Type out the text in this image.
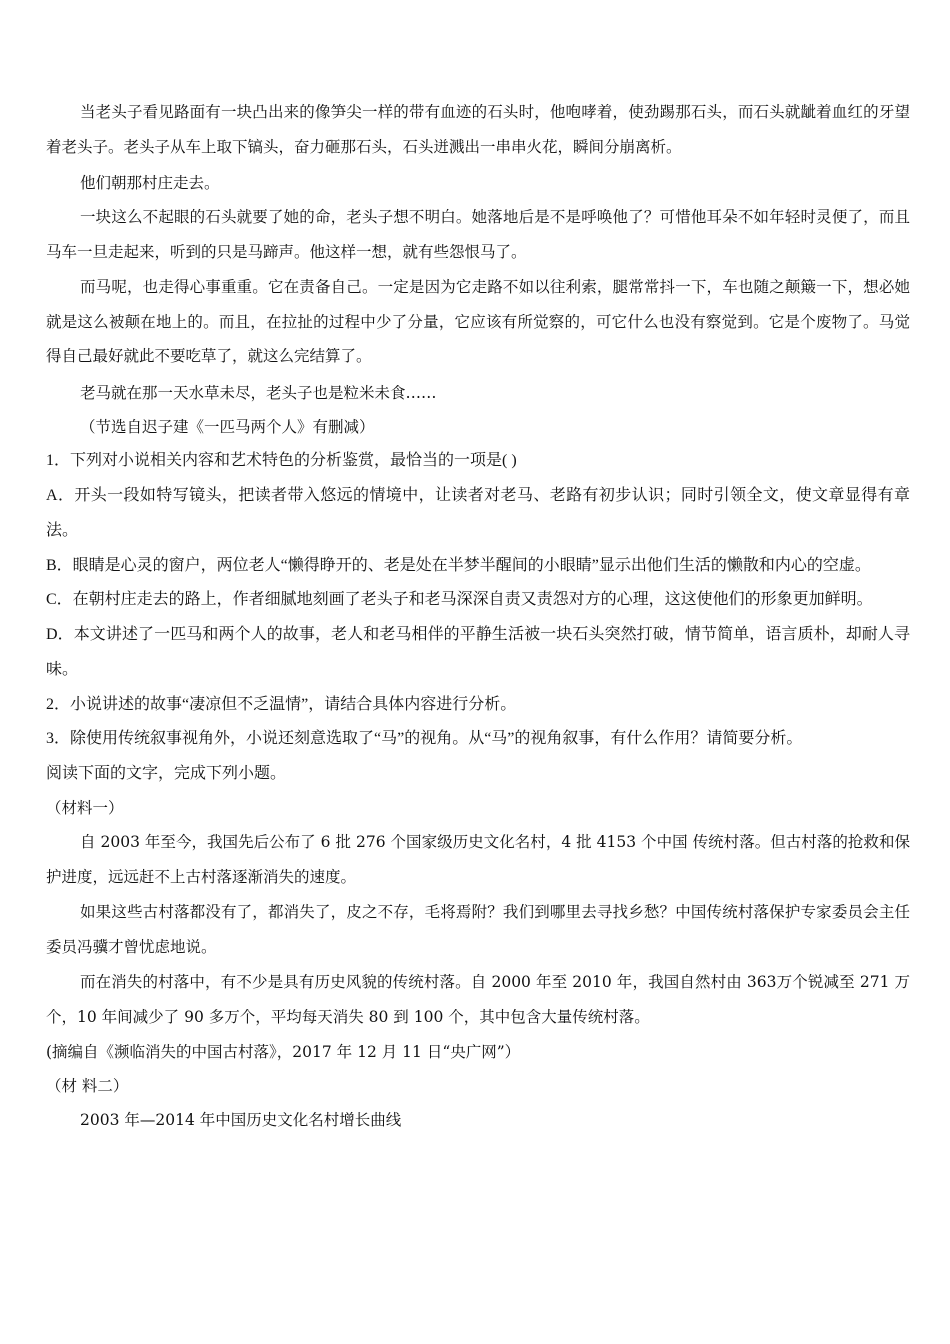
当老头子看见路面有一块凸出来的像笋尖一样的带有血迹的石头时，他咆哮着，使劲踢那石头，而石头就龇着血红的牙望着老头子。老头子从车上取下镐头，奋力砸那石头，石头迸溅出一串串火花，瞬间分崩离析。

他们朝那村庄走去。

一块这么不起眼的石头就要了她的命，老头子想不明白。她落地后是不是呼唤他了？可惜他耳朵不如年轻时灵便了，而且马车一旦走起来，听到的只是马蹄声。他这样一想，就有些怨恨马了。

而马呢，也走得心事重重。它在责备自己。一定是因为它走路不如以往利索，腿常常抖一下，车也随之颠簸一下，想必她就是这么被颠在地上的。而且，在拉扯的过程中少了分量，它应该有所觉察的，可它什么也没有察觉到。它是个废物了。马觉得自己最好就此不要吃草了，就这么完结算了。

老马就在那一天水草未尽，老头子也是粒米未食……

（节选自迟子建《一匹马两个人》有删减）

1．下列对小说相关内容和艺术特色的分析鉴赏，最恰当的一项是( )

A．开头一段如特写镜头，把读者带入悠远的情境中，让读者对老马、老路有初步认识；同时引领全文，使文章显得有章法。

B．眼睛是心灵的窗户，两位老人“懒得睁开的、老是处在半梦半醒间的小眼睛”显示出他们生活的懒散和内心的空虚。

C．在朝村庄走去的路上，作者细腻地刻画了老头子和老马深深自责又责怨对方的心理，这这使他们的形象更加鲜明。

D．本文讲述了一匹马和两个人的故事，老人和老马相伴的平静生活被一块石头突然打破，情节简单，语言质朴，却耐人寻味。

2．小说讲述的故事“凄凉但不乏温情”，请结合具体内容进行分析。

3．除使用传统叙事视角外，小说还刻意选取了“马”的视角。从“马”的视角叙事，有什么作用？请简要分析。

阅读下面的文字，完成下列小题。

（材料一）

自 2003 年至今，我国先后公布了 6 批 276 个国家级历史文化名村，4 批 4153 个中国 传统村落。但古村落的抢救和保护进度，远远赶不上古村落逐渐消失的速度。

如果这些古村落都没有了，都消失了，皮之不存，毛将焉附？我们到哪里去寻找乡愁？中国传统村落保护专家委员会主任委员冯骥才曾忧虑地说。

而在消失的村落中，有不少是具有历史风貌的传统村落。自 2000 年至 2010 年，我国自然村由 363万个锐减至 271 万个，10 年间减少了 90 多万个，平均每天消失 80 到 100 个，其中包含大量传统村落。

(摘编自《濒临消失的中国古村落》，2017 年 12 月 11 日“央广网”）

（材 料二）

2003 年—2014 年中国历史文化名村增长曲线
